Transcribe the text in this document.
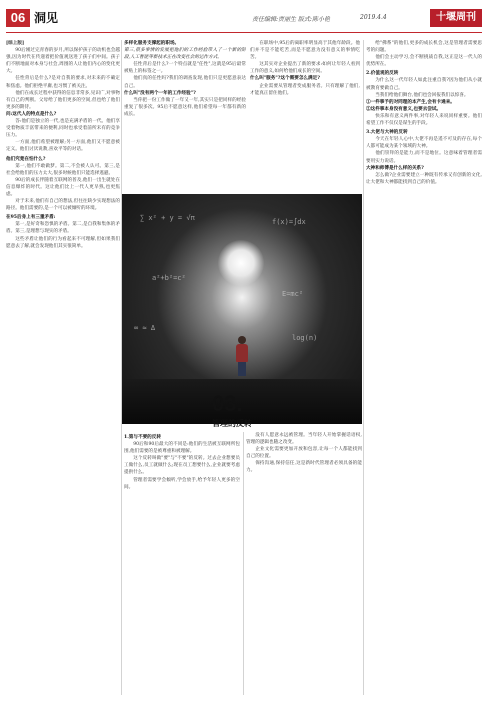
06 洞见	责任编辑:贾丽生 版式:陈小艳	2019.4.4	十堰周刊

[综上版]

90后刚过完青春的岁月,所以保护孩子的动机也会越强,因为时代在传递着把价值观送进了孩子们中间。孩子们不断地面对本身与社会,周围的人让他们内心的变化更大。

任性背后是什么?是对自我的要求,对未来的不确定和焦虑。他们拒绝平庸,也习惯了被关注。

他们在成长过程中获得的信息非常多,见识广,对事物有自己的判断。父母给了他们更多的空间,但也给了他们更多的期待。

问:这代人的特点是什么?

答:他们是独立的一代,也是充满矛盾的一代。他们享受着物质丰富带来的便利,同时也承受着前所未有的竞争压力。

一方面,他们希望被理解;另一方面,他们又不愿意被定义。他们讨厌说教,喜欢平等的对话。

他们究竟在怕什么?

第一,他们不敢做梦。第二,不会被人认可。第三,是社会给他们的压力太大,很多时候他们只能选择逃避。

90后的成长伴随着互联网的普及,他们一出生就处在信息爆炸的时代。这让他们比上一代人更早熟,也更焦虑。

对于未来,他们有自己的想法,但往往缺少实现想法的路径。他们需要的,是一个可以被倾听的环境。

在95后身上有三重矛盾:

第一,是好奇和恐惧的矛盾。第二,是自我和集体的矛盾。第三,是理想与现实的矛盾。

这些矛盾让他们的行为看起来不可理解,但如果我们愿意去了解,就会发现他们其实很简单。

多样化服务支撑起的职场。

第三,很多事情的发展把他们的工作经验带入了一个新的阶段,人工智能等新技术正在改变社会的运作方式。

任性背后是什么?一个特点就是"任性",这就是95后最常被贴上的标签之一。

他们真的任性吗?我们的调查发现,他们只是更愿意表达自己。

什么叫"没有两个一年的工作经验"?

当你把一份工作做了一年又一年,其实只是把同样的经验重复了很多次。95后不愿意这样,他们希望每一年都有新的成长。

在职场中,95后的离职率明显高于其他年龄段。他们并不是不能吃苦,而是不愿意为没有意义的事情吃苦。

这其实对企业提出了新的要求:如何让年轻人看到工作的意义,如何给他们成长的空间。

什么叫"服务"?这个需要怎么满足?

企业需要从管理者变成服务者。只有理解了他们,才能真正留住他们。

∑ x² + y = √π	f(x)=∫dx
a²+b²=c²
E=mc²
∞ ≈ Δ
log(n)
03.
管理的反转

1.第与不要的反转

90后和90后最大的不同是:他们的生活被互联网所包围,他们需要的是被尊重和被理解。

这个反转叫做"要"与"不要"的反转。过去企业想要员工做什么,员工就做什么;现在员工想要什么,企业就要考虑提供什么。

管理者需要学会倾听,学会放手,给予年轻人更多的空间。

没有人愿意永远被管理。当年轻人开始掌握话语权,管理的逻辑也随之改变。

企业文化需要更加开放和包容,让每一个人都能找到自己的位置。

保持沟通,保持信任,这是新时代管理者必须具备的能力。

给"佛系"的他们,更多的成长机会,这是管理者需要思考的问题。

他们会主动学习,会不断挑战自我,这正是这一代人的优势所在。

2.价值观的反转

为什么这一代年轻人如此注重自我?因为他们从小就被教育要做自己。

当我们给他们舞台,他们也会回报我们以惊喜。

①一件事予的对同理的本产生,会有卡通来。

②这件事本身没有意义,也要去尝试。

快乐和有意义两件事,对年轻人来说同样重要。他们希望工作不仅仅是谋生的手段。

3.大佬与大神的反转

今天在年轻人心中,大佬不再是遥不可及的存在,每个人都可能成为某个领域的大神。

他们崇拜的是能力,而不是地位。这意味着管理者需要用实力说话。

大神和师傅是什么样的关系?

怎么做?企业需要建立一种既有传承又有创新的文化,让大佬和大神都能找到自己的价值。
